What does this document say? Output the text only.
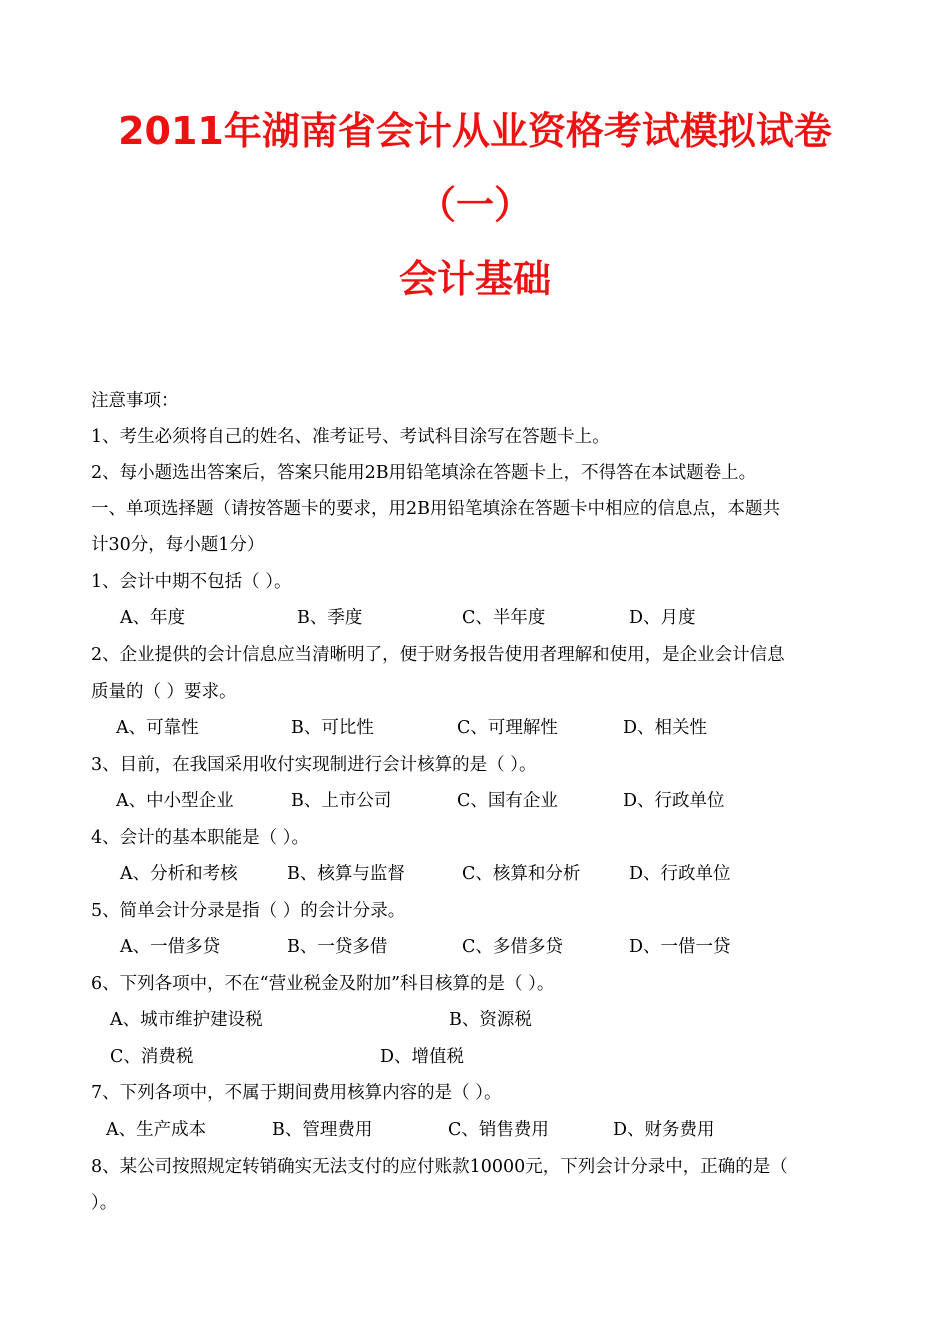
2011年湖南省会计从业资格考试模拟试卷
（一）
会计基础
注意事项：
1、考生必须将自己的姓名、准考证号、考试科目涂写在答题卡上。
2、每小题选出答案后，答案只能用2B用铅笔填涂在答题卡上，不得答在本试题卷上。
一、单项选择题（请按答题卡的要求，用2B用铅笔填涂在答题卡中相应的信息点，本题共
计30分，每小题1分）
1、会计中期不包括（ ）。
A、年度	B、季度	C、半年度	D、月度
2、企业提供的会计信息应当清晰明了，便于财务报告使用者理解和使用，是企业会计信息
质量的（ ）要求。
A、可靠性	B、可比性	C、可理解性	D、相关性
3、目前，在我国采用收付实现制进行会计核算的是（ ）。
A、中小型企业	B、上市公司	C、国有企业	D、行政单位
4、会计的基本职能是（ ）。
A、分析和考核	B、核算与监督	C、核算和分析	D、行政单位
5、简单会计分录是指（ ）的会计分录。
A、一借多贷	B、一贷多借	C、多借多贷	D、一借一贷
6、下列各项中，不在“营业税金及附加”科目核算的是（ ）。
A、城市维护建设税	B、资源税
C、消费税	D、增值税
7、下列各项中，不属于期间费用核算内容的是（ ）。
A、生产成本	B、管理费用	C、销售费用	D、财务费用
8、某公司按照规定转销确实无法支付的应付账款10000元，下列会计分录中，正确的是（
）。
